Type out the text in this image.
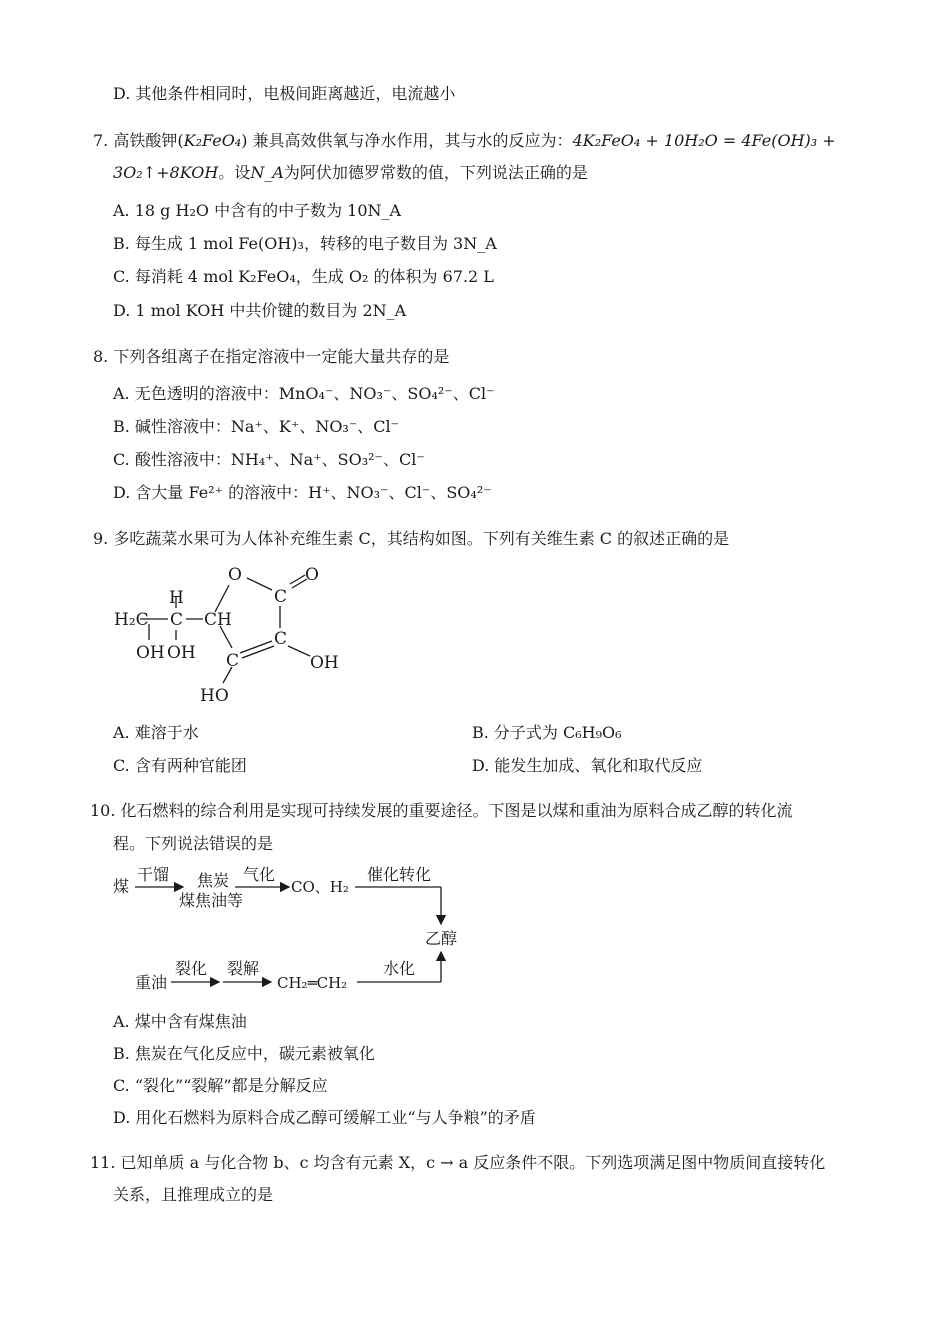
D. 其他条件相同时，电极间距离越近，电流越小
7. 高铁酸钾(K₂FeO₄) 兼具高效供氧与净水作用，其与水的反应为：4K₂FeO₄ + 10H₂O = 4Fe(OH)₃ +
3O₂↑+8KOH。设N_A为阿伏加德罗常数的值，下列说法正确的是
A. 18 g H₂O 中含有的中子数为 10N_A
B. 每生成 1 mol Fe(OH)₃，转移的电子数目为 3N_A
C. 每消耗 4 mol K₂FeO₄，生成 O₂ 的体积为 67.2 L
D. 1 mol KOH 中共价键的数目为 2N_A
8. 下列各组离子在指定溶液中一定能大量共存的是
A. 无色透明的溶液中：MnO₄⁻、NO₃⁻、SO₄²⁻、Cl⁻
B. 碱性溶液中：Na⁺、K⁺、NO₃⁻、Cl⁻
C. 酸性溶液中：NH₄⁺、Na⁺、SO₃²⁻、Cl⁻
D. 含大量 Fe²⁺ 的溶液中：H⁺、NO₃⁻、Cl⁻、SO₄²⁻
9. 多吃蔬菜水果可为人体补充维生素 C，其结构如图。下列有关维生素 C 的叙述正确的是
O	O
C
H
H₂C C CH
C
OH OH	OH
C
HO
A. 难溶于水	B. 分子式为 C₆H₉O₆
C. 含有两种官能团	D. 能发生加成、氧化和取代反应
10. 化石燃料的综合利用是实现可持续发展的重要途径。下图是以煤和重油为原料合成乙醇的转化流
程。下列说法错误的是
煤
干馏 焦炭
煤焦油等
气化
CO、H₂
催化转化
乙醇
重油
裂化 裂解
CH₂═CH₂
水化
A. 煤中含有煤焦油
B. 焦炭在气化反应中，碳元素被氧化
C. “裂化”“裂解”都是分解反应
D. 用化石燃料为原料合成乙醇可缓解工业“与人争粮”的矛盾
11. 已知单质 a 与化合物 b、c 均含有元素 X，c → a 反应条件不限。下列选项满足图中物质间直接转化
关系，且推理成立的是
